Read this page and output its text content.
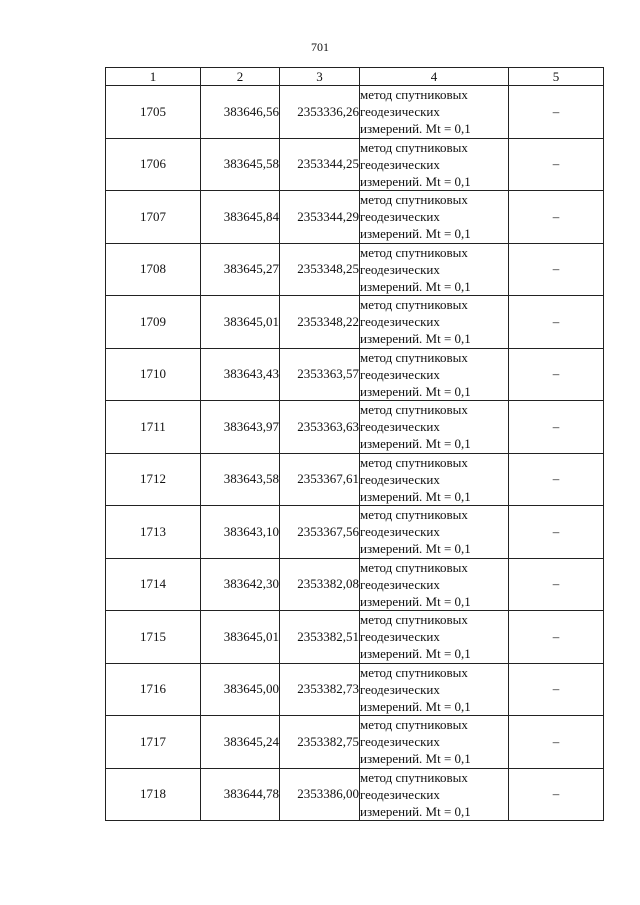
701
1	2	3	4	5
1705	383646,56	2353336,26	метод спутниковых
геодезических
измерений. Mt = 0,1	–
1706	383645,58	2353344,25	метод спутниковых
геодезических
измерений. Mt = 0,1	–
1707	383645,84	2353344,29	метод спутниковых
геодезических
измерений. Mt = 0,1	–
1708	383645,27	2353348,25	метод спутниковых
геодезических
измерений. Mt = 0,1	–
1709	383645,01	2353348,22	метод спутниковых
геодезических
измерений. Mt = 0,1	–
1710	383643,43	2353363,57	метод спутниковых
геодезических
измерений. Mt = 0,1	–
1711	383643,97	2353363,63	метод спутниковых
геодезических
измерений. Mt = 0,1	–
1712	383643,58	2353367,61	метод спутниковых
геодезических
измерений. Mt = 0,1	–
1713	383643,10	2353367,56	метод спутниковых
геодезических
измерений. Mt = 0,1	–
1714	383642,30	2353382,08	метод спутниковых
геодезических
измерений. Mt = 0,1	–
1715	383645,01	2353382,51	метод спутниковых
геодезических
измерений. Mt = 0,1	–
1716	383645,00	2353382,73	метод спутниковых
геодезических
измерений. Mt = 0,1	–
1717	383645,24	2353382,75	метод спутниковых
геодезических
измерений. Mt = 0,1	–
1718	383644,78	2353386,00	метод спутниковых
геодезических
измерений. Mt = 0,1	–
